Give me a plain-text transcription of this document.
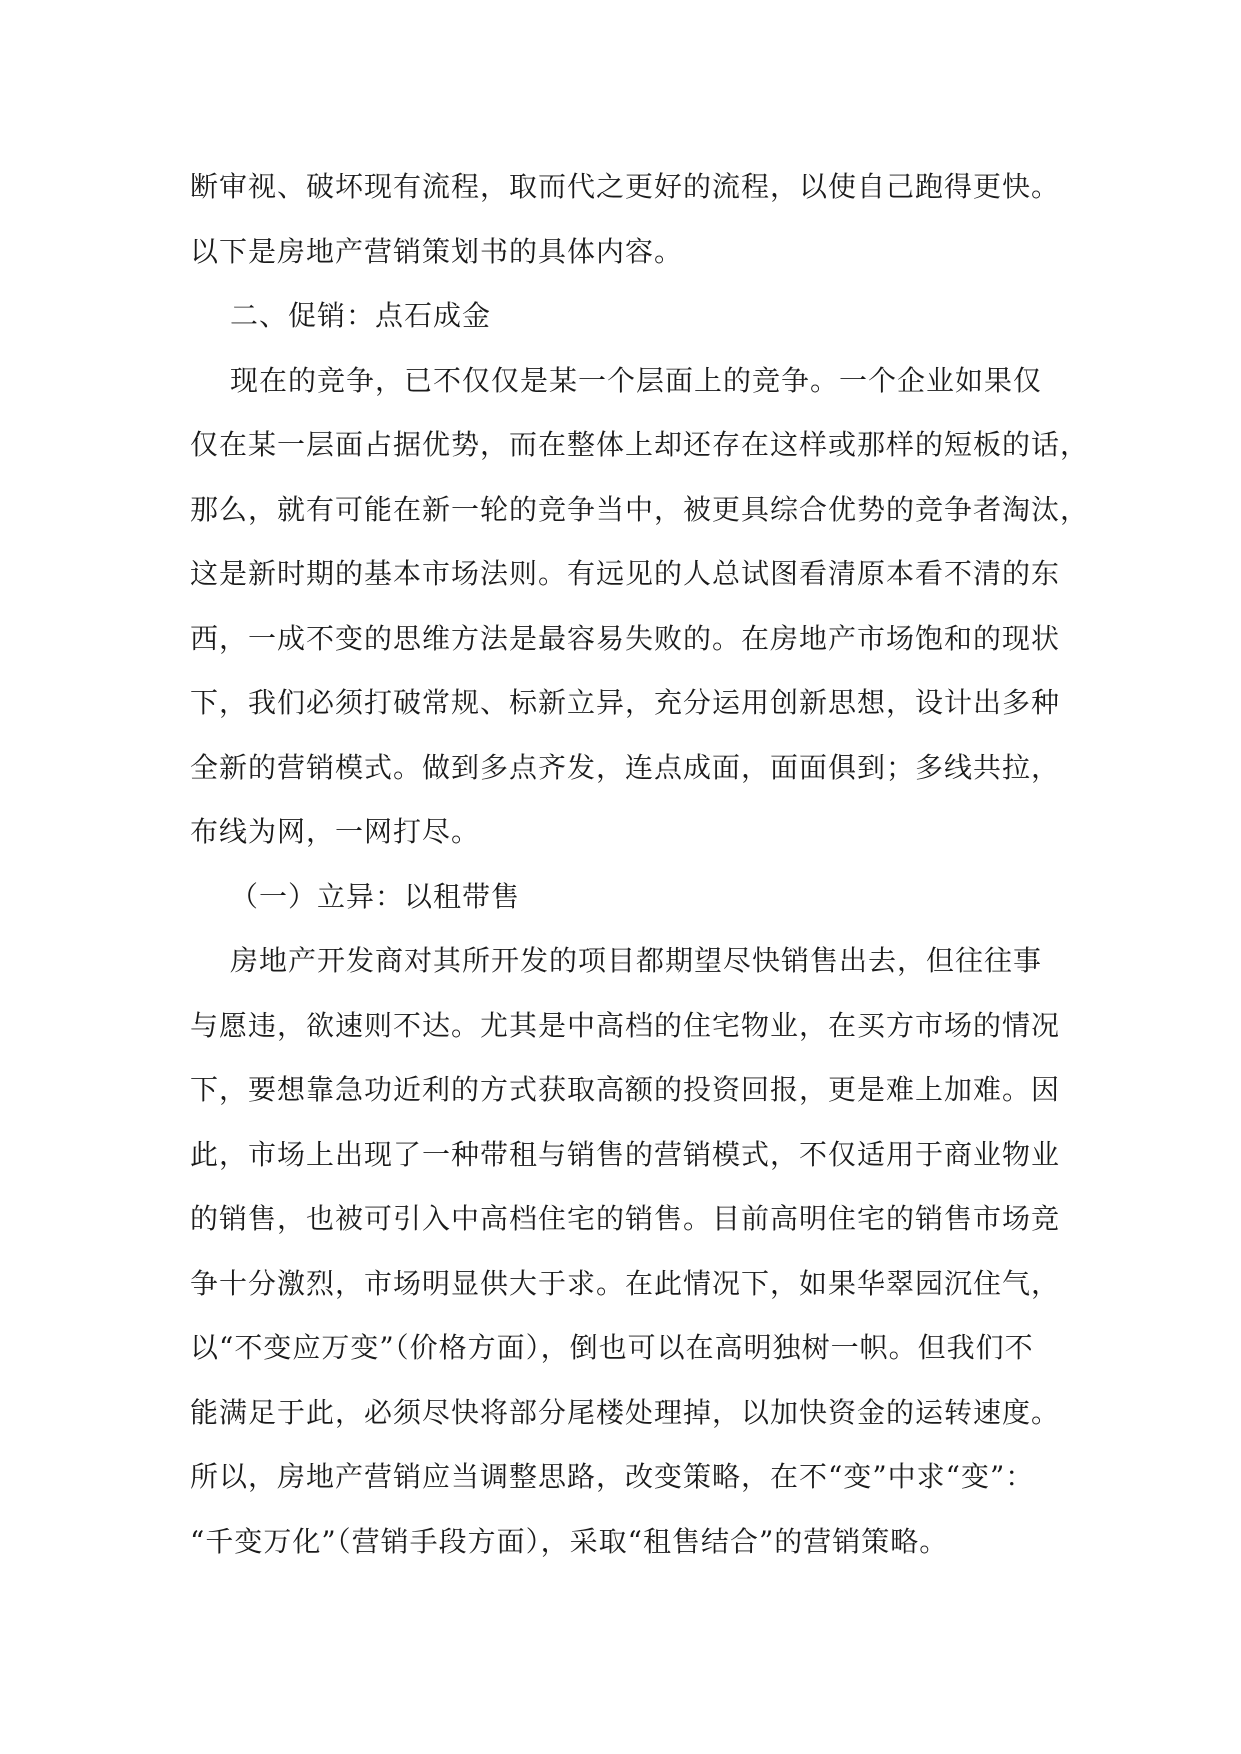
断审视、破坏现有流程，取而代之更好的流程，以使自己跑得更快。
以下是房地产营销策划书的具体内容。
二、促销：点石成金
现在的竞争，已不仅仅是某一个层面上的竞争。一个企业如果仅
仅在某一层面占据优势，而在整体上却还存在这样或那样的短板的话，
那么，就有可能在新一轮的竞争当中，被更具综合优势的竞争者淘汰，
这是新时期的基本市场法则。有远见的人总试图看清原本看不清的东
西，一成不变的思维方法是最容易失败的。在房地产市场饱和的现状
下，我们必须打破常规、标新立异，充分运用创新思想，设计出多种
全新的营销模式。做到多点齐发，连点成面，面面俱到；多线共拉，
布线为网，一网打尽。
（一）立异：以租带售
房地产开发商对其所开发的项目都期望尽快销售出去，但往往事
与愿违，欲速则不达。尤其是中高档的住宅物业，在买方市场的情况
下，要想靠急功近利的方式获取高额的投资回报，更是难上加难。因
此，市场上出现了一种带租与销售的营销模式，不仅适用于商业物业
的销售，也被可引入中高档住宅的销售。目前高明住宅的销售市场竞
争十分激烈，市场明显供大于求。在此情况下，如果华翠园沉住气，
以“不变应万变”（价格方面），倒也可以在高明独树一帜。但我们不
能满足于此，必须尽快将部分尾楼处理掉，以加快资金的运转速度。
所以，房地产营销应当调整思路，改变策略，在不“变”中求“变”：
“千变万化”（营销手段方面），采取“租售结合”的营销策略。
